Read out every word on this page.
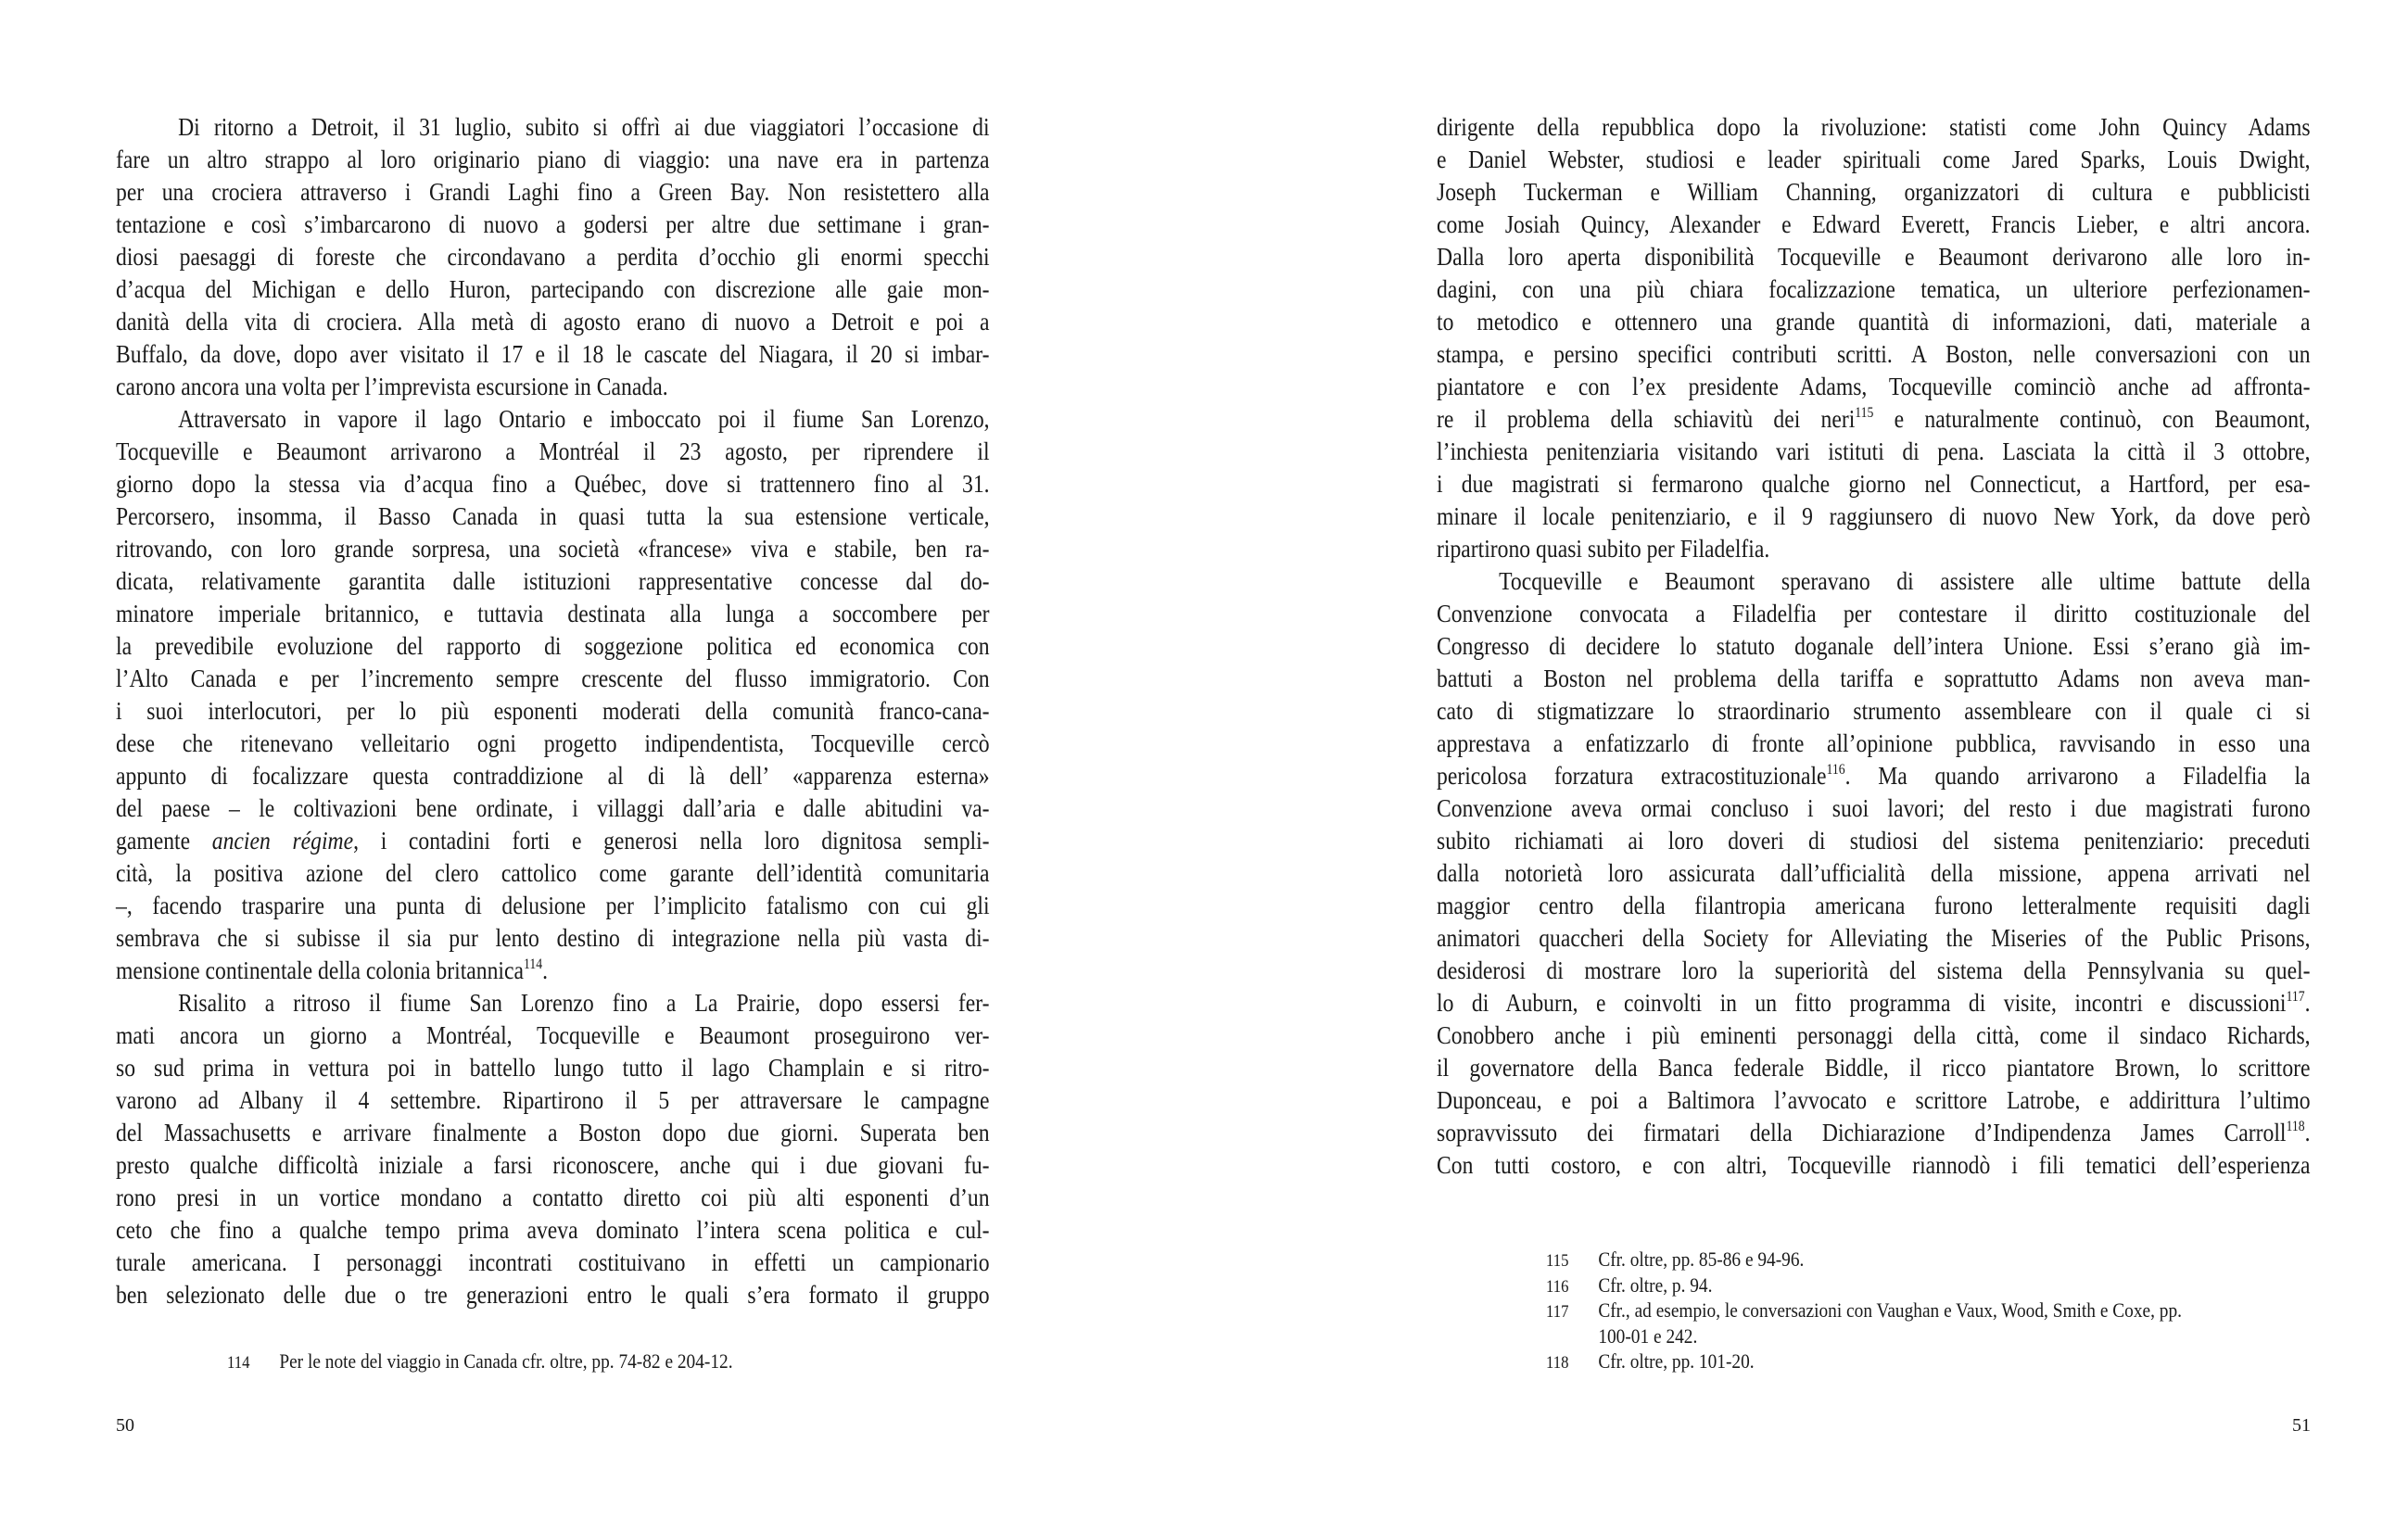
Di ritorno a Detroit, il 31 luglio, subito si offrì ai due viaggiatori l’occasione di
fare un altro strappo al loro originario piano di viaggio: una nave era in partenza
per una crociera attraverso i Grandi Laghi fino a Green Bay. Non resistettero alla
tentazione e così s’imbarcarono di nuovo a godersi per altre due settimane i gran-
diosi paesaggi di foreste che circondavano a perdita d’occhio gli enormi specchi
d’acqua del Michigan e dello Huron, partecipando con discrezione alle gaie mon-
danità della vita di crociera. Alla metà di agosto erano di nuovo a Detroit e poi a
Buffalo, da dove, dopo aver visitato il 17 e il 18 le cascate del Niagara, il 20 si imbar-
carono ancora una volta per l’imprevista escursione in Canada.
Attraversato in vapore il lago Ontario e imboccato poi il fiume San Lorenzo,
Tocqueville e Beaumont arrivarono a Montréal il 23 agosto, per riprendere il
giorno dopo la stessa via d’acqua fino a Québec, dove si trattennero fino al 31.
Percorsero, insomma, il Basso Canada in quasi tutta la sua estensione verticale,
ritrovando, con loro grande sorpresa, una società «francese» viva e stabile, ben ra-
dicata, relativamente garantita dalle istituzioni rappresentative concesse dal do-
minatore imperiale britannico, e tuttavia destinata alla lunga a soccombere per
la prevedibile evoluzione del rapporto di soggezione politica ed economica con
l’Alto Canada e per l’incremento sempre crescente del flusso immigratorio. Con
i suoi interlocutori, per lo più esponenti moderati della comunità franco-cana-
dese che ritenevano velleitario ogni progetto indipendentista, Tocqueville cercò
appunto di focalizzare questa contraddizione al di là dell’ «apparenza esterna»
del paese – le coltivazioni bene ordinate, i villaggi dall’aria e dalle abitudini va-
gamente ancien régime, i contadini forti e generosi nella loro dignitosa sempli-
cità, la positiva azione del clero cattolico come garante dell’identità comunitaria
–, facendo trasparire una punta di delusione per l’implicito fatalismo con cui gli
sembrava che si subisse il sia pur lento destino di integrazione nella più vasta di-
mensione continentale della colonia britannica$^{114}$.
Risalito a ritroso il fiume San Lorenzo fino a La Prairie, dopo essersi fer-
mati ancora un giorno a Montréal, Tocqueville e Beaumont proseguirono ver-
so sud prima in vettura poi in battello lungo tutto il lago Champlain e si ritro-
varono ad Albany il 4 settembre. Ripartirono il 5 per attraversare le campagne
del Massachusetts e arrivare finalmente a Boston dopo due giorni. Superata ben
presto qualche difficoltà iniziale a farsi riconoscere, anche qui i due giovani fu-
rono presi in un vortice mondano a contatto diretto coi più alti esponenti d’un
ceto che fino a qualche tempo prima aveva dominato l’intera scena politica e cul-
turale americana. I personaggi incontrati costituivano in effetti un campionario
ben selezionato delle due o tre generazioni entro le quali s’era formato il gruppo
114 Per le note del viaggio in Canada cfr. oltre, pp. 74-82 e 204-12.
50
dirigente della repubblica dopo la rivoluzione: statisti come John Quincy Adams
e Daniel Webster, studiosi e leader spirituali come Jared Sparks, Louis Dwight,
Joseph Tuckerman e William Channing, organizzatori di cultura e pubblicisti
come Josiah Quincy, Alexander e Edward Everett, Francis Lieber, e altri ancora.
Dalla loro aperta disponibilità Tocqueville e Beaumont derivarono alle loro in-
dagini, con una più chiara focalizzazione tematica, un ulteriore perfezionamen-
to metodico e ottennero una grande quantità di informazioni, dati, materiale a
stampa, e persino specifici contributi scritti. A Boston, nelle conversazioni con un
piantatore e con l’ex presidente Adams, Tocqueville cominciò anche ad affronta-
re il problema della schiavitù dei neri$^{115}$ e naturalmente continuò, con Beaumont,
l’inchiesta penitenziaria visitando vari istituti di pena. Lasciata la città il 3 ottobre,
i due magistrati si fermarono qualche giorno nel Connecticut, a Hartford, per esa-
minare il locale penitenziario, e il 9 raggiunsero di nuovo New York, da dove però
ripartirono quasi subito per Filadelfia.
Tocqueville e Beaumont speravano di assistere alle ultime battute della
Convenzione convocata a Filadelfia per contestare il diritto costituzionale del
Congresso di decidere lo statuto doganale dell’intera Unione. Essi s’erano già im-
battuti a Boston nel problema della tariffa e soprattutto Adams non aveva man-
cato di stigmatizzare lo straordinario strumento assembleare con il quale ci si
apprestava a enfatizzarlo di fronte all’opinione pubblica, ravvisando in esso una
pericolosa forzatura extracostituzionale$^{116}$. Ma quando arrivarono a Filadelfia la
Convenzione aveva ormai concluso i suoi lavori; del resto i due magistrati furono
subito richiamati ai loro doveri di studiosi del sistema penitenziario: preceduti
dalla notorietà loro assicurata dall’ufficialità della missione, appena arrivati nel
maggior centro della filantropia americana furono letteralmente requisiti dagli
animatori quaccheri della Society for Alleviating the Miseries of the Public Prisons,
desiderosi di mostrare loro la superiorità del sistema della Pennsylvania su quel-
lo di Auburn, e coinvolti in un fitto programma di visite, incontri e discussioni$^{117}$.
Conobbero anche i più eminenti personaggi della città, come il sindaco Richards,
il governatore della Banca federale Biddle, il ricco piantatore Brown, lo scrittore
Duponceau, e poi a Baltimora l’avvocato e scrittore Latrobe, e addirittura l’ultimo
sopravvissuto dei firmatari della Dichiarazione d’Indipendenza James Carroll$^{118}$.
Con tutti costoro, e con altri, Tocqueville riannodò i fili tematici dell’esperienza
115 Cfr. oltre, pp. 85-86 e 94-96.
116 Cfr. oltre, p. 94.
117 Cfr., ad esempio, le conversazioni con Vaughan e Vaux, Wood, Smith e Coxe, pp.
100-01 e 242.
118 Cfr. oltre, pp. 101-20.
51
